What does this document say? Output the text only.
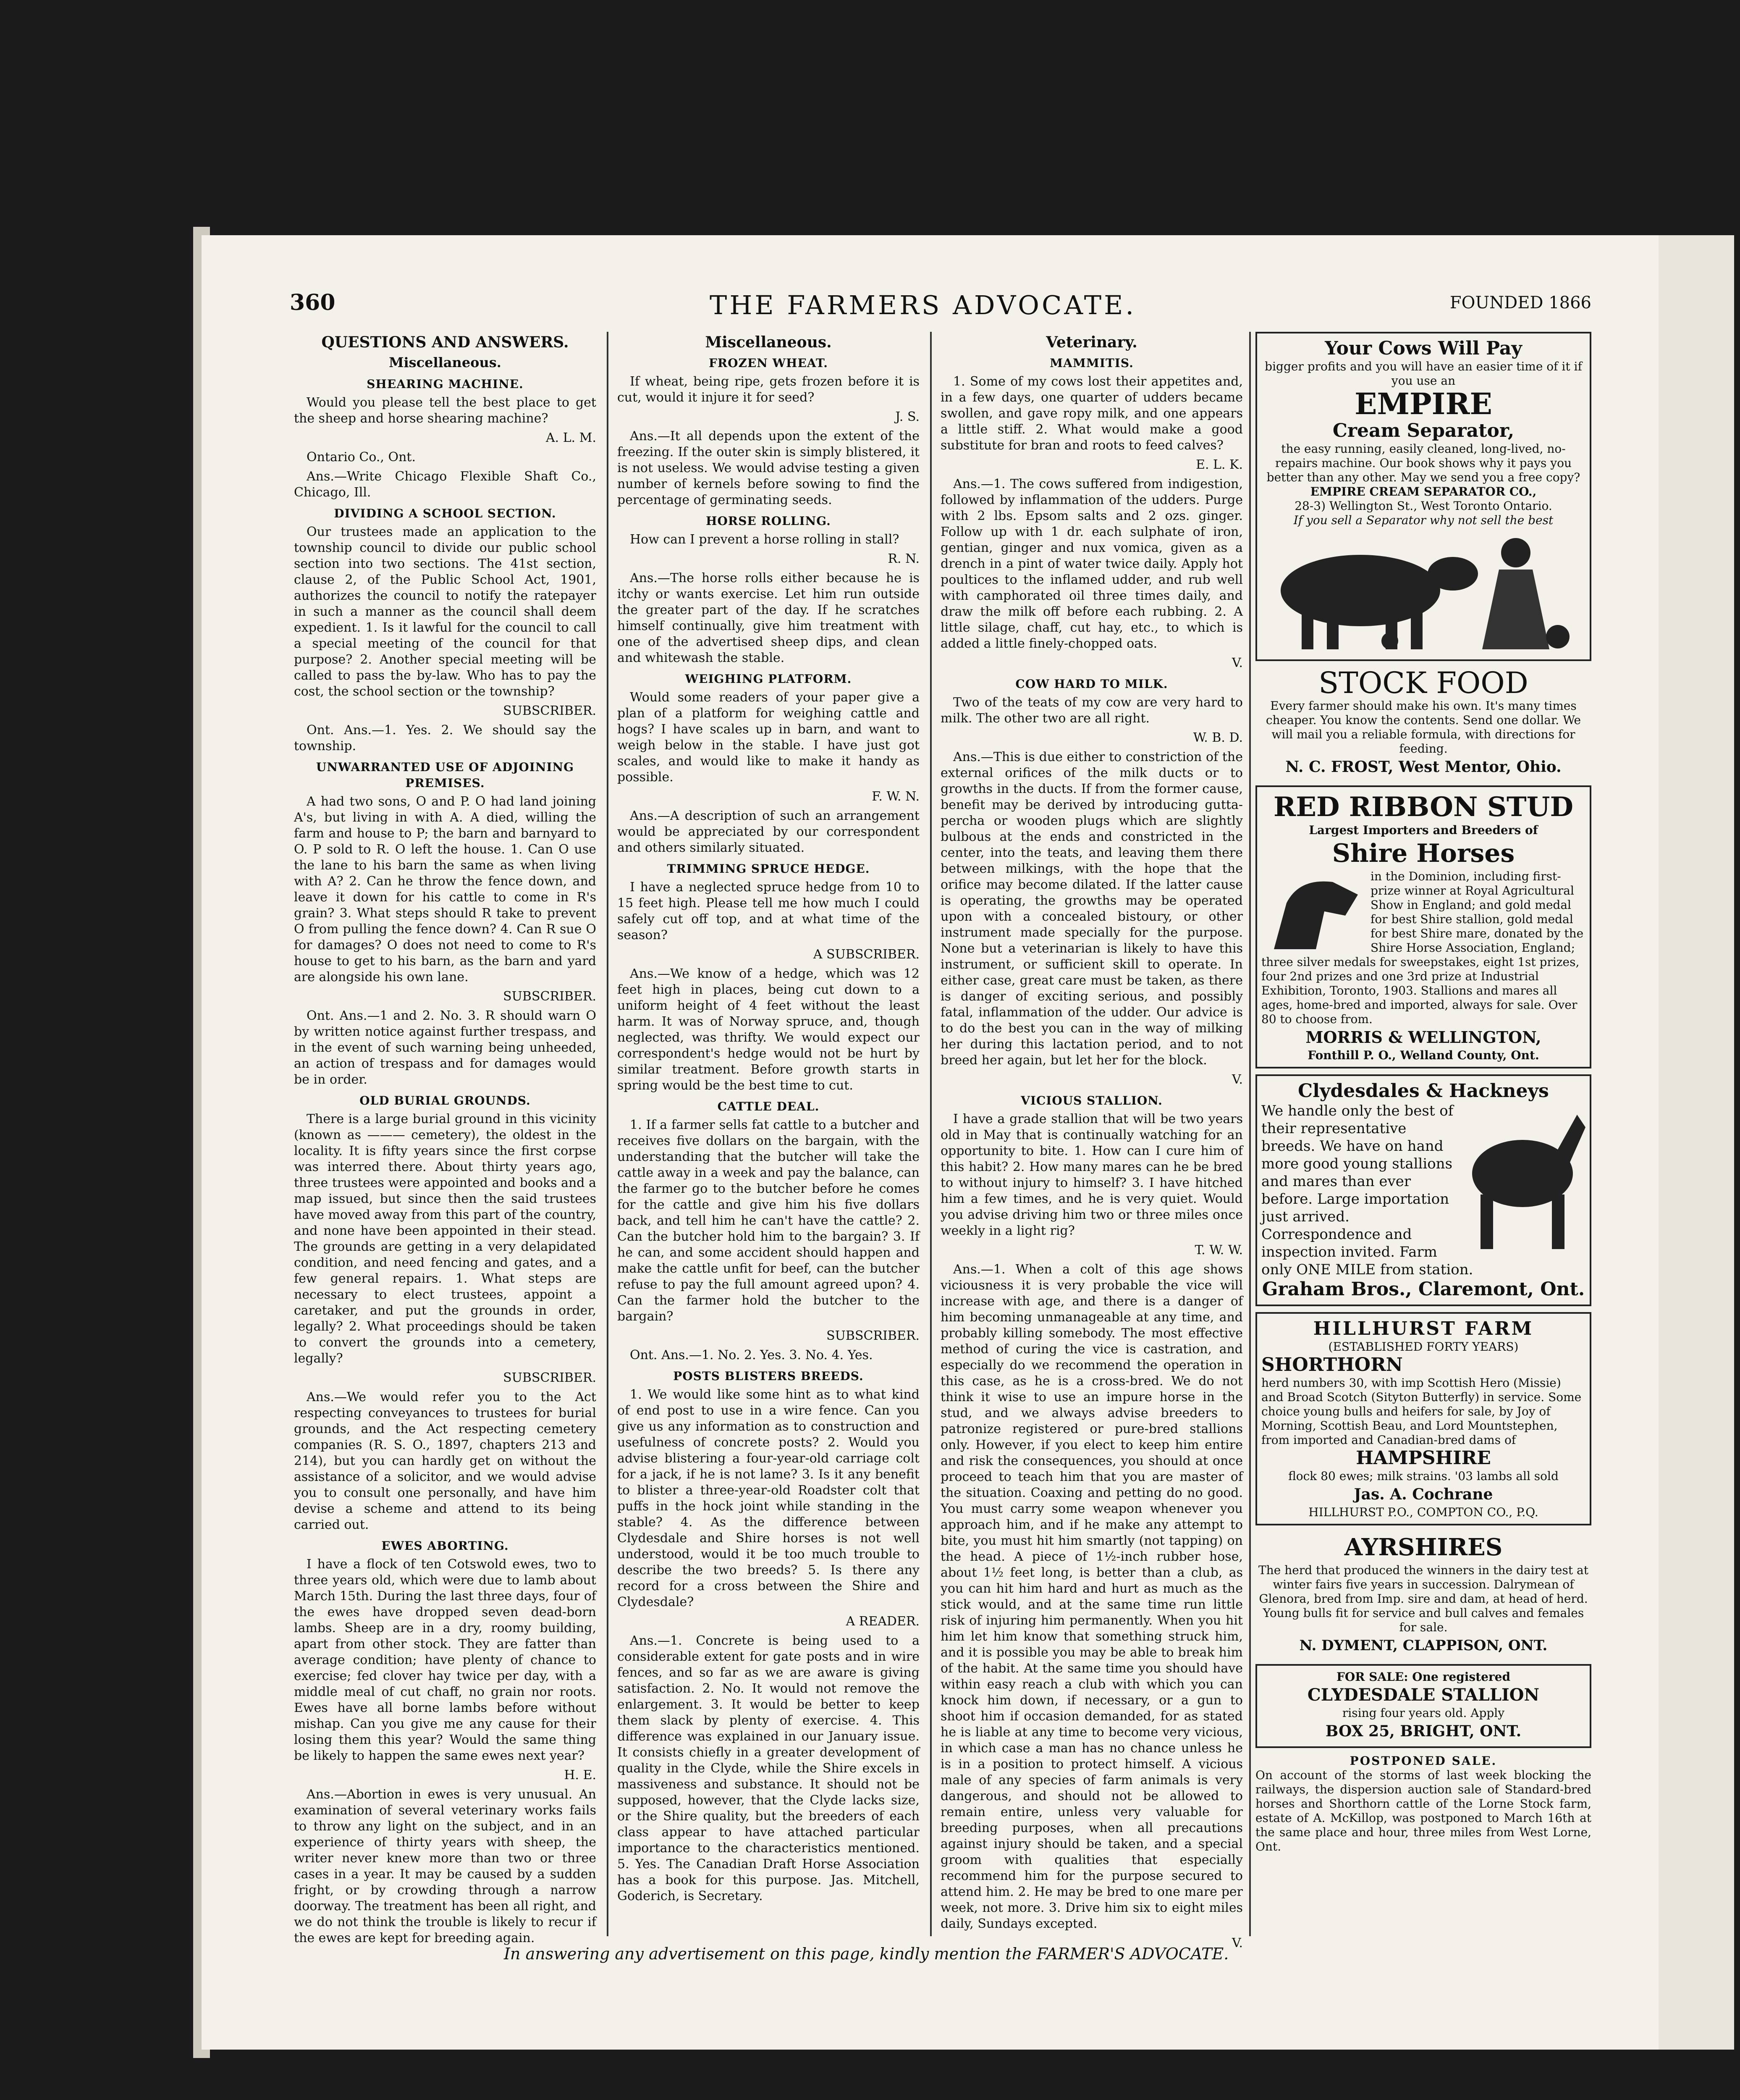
360	THE FARMERS ADVOCATE.	FOUNDED 1866
QUESTIONS AND ANSWERS.
Miscellaneous.
SHEARING MACHINE.

Would you please tell the best place to get the sheep and horse shearing machine?

A. L. M.

Ontario Co., Ont.

Ans.—Write Chicago Flexible Shaft Co., Chicago, Ill.

DIVIDING A SCHOOL SECTION.

Our trustees made an application to the township council to divide our public school section into two sections. The 41st section, clause 2, of the Public School Act, 1901, authorizes the council to notify the ratepayer in such a manner as the council shall deem expedient. 1. Is it lawful for the council to call a special meeting of the council for that purpose? 2. Another special meeting will be called to pass the by-law. Who has to pay the cost, the school section or the township?

SUBSCRIBER.

Ont. Ans.—1. Yes. 2. We should say the township.

UNWARRANTED USE OF ADJOINING PREMISES.

A had two sons, O and P. O had land joining A's, but living in with A. A died, willing the farm and house to P; the barn and barnyard to O. P sold to R. O left the house. 1. Can O use the lane to his barn the same as when living with A? 2. Can he throw the fence down, and leave it down for his cattle to come in R's grain? 3. What steps should R take to prevent O from pulling the fence down? 4. Can R sue O for damages? O does not need to come to R's house to get to his barn, as the barn and yard are alongside his own lane.

SUBSCRIBER.

Ont. Ans.—1 and 2. No. 3. R should warn O by written notice against further trespass, and in the event of such warning being unheeded, an action of trespass and for damages would be in order.

OLD BURIAL GROUNDS.

There is a large burial ground in this vicinity (known as ——— cemetery), the oldest in the locality. It is fifty years since the first corpse was interred there. About thirty years ago, three trustees were appointed and books and a map issued, but since then the said trustees have moved away from this part of the country, and none have been appointed in their stead. The grounds are getting in a very delapidated condition, and need fencing and gates, and a few general repairs. 1. What steps are necessary to elect trustees, appoint a caretaker, and put the grounds in order, legally? 2. What proceedings should be taken to convert the grounds into a cemetery, legally?

SUBSCRIBER.

Ans.—We would refer you to the Act respecting conveyances to trustees for burial grounds, and the Act respecting cemetery companies (R. S. O., 1897, chapters 213 and 214), but you can hardly get on without the assistance of a solicitor, and we would advise you to consult one personally, and have him devise a scheme and attend to its being carried out.

EWES ABORTING.

I have a flock of ten Cotswold ewes, two to three years old, which were due to lamb about March 15th. During the last three days, four of the ewes have dropped seven dead-born lambs. Sheep are in a dry, roomy building, apart from other stock. They are fatter than average condition; have plenty of chance to exercise; fed clover hay twice per day, with a middle meal of cut chaff, no grain nor roots. Ewes have all borne lambs before without mishap. Can you give me any cause for their losing them this year? Would the same thing be likely to happen the same ewes next year?

H. E.

Ans.—Abortion in ewes is very unusual. An examination of several veterinary works fails to throw any light on the subject, and in an experience of thirty years with sheep, the writer never knew more than two or three cases in a year. It may be caused by a sudden fright, or by crowding through a narrow doorway. The treatment has been all right, and we do not think the trouble is likely to recur if the ewes are kept for breeding again.

Miscellaneous.
FROZEN WHEAT.

If wheat, being ripe, gets frozen before it is cut, would it injure it for seed?

J. S.

Ans.—It all depends upon the extent of the freezing. If the outer skin is simply blistered, it is not useless. We would advise testing a given number of kernels before sowing to find the percentage of germinating seeds.

HORSE ROLLING.

How can I prevent a horse rolling in stall?

R. N.

Ans.—The horse rolls either because he is itchy or wants exercise. Let him run outside the greater part of the day. If he scratches himself continually, give him treatment with one of the advertised sheep dips, and clean and whitewash the stable.

WEIGHING PLATFORM.

Would some readers of your paper give a plan of a platform for weighing cattle and hogs? I have scales up in barn, and want to weigh below in the stable. I have just got scales, and would like to make it handy as possible.

F. W. N.

Ans.—A description of such an arrangement would be appreciated by our correspondent and others similarly situated.

TRIMMING SPRUCE HEDGE.

I have a neglected spruce hedge from 10 to 15 feet high. Please tell me how much I could safely cut off top, and at what time of the season?

A SUBSCRIBER.

Ans.—We know of a hedge, which was 12 feet high in places, being cut down to a uniform height of 4 feet without the least harm. It was of Norway spruce, and, though neglected, was thrifty. We would expect our correspondent's hedge would not be hurt by similar treatment. Before growth starts in spring would be the best time to cut.

CATTLE DEAL.

1. If a farmer sells fat cattle to a butcher and receives five dollars on the bargain, with the understanding that the butcher will take the cattle away in a week and pay the balance, can the farmer go to the butcher before he comes for the cattle and give him his five dollars back, and tell him he can't have the cattle? 2. Can the butcher hold him to the bargain? 3. If he can, and some accident should happen and make the cattle unfit for beef, can the butcher refuse to pay the full amount agreed upon? 4. Can the farmer hold the butcher to the bargain?

SUBSCRIBER.

Ont. Ans.—1. No. 2. Yes. 3. No. 4. Yes.

POSTS BLISTERS BREEDS.

1. We would like some hint as to what kind of end post to use in a wire fence. Can you give us any information as to construction and usefulness of concrete posts? 2. Would you advise blistering a four-year-old carriage colt for a jack, if he is not lame? 3. Is it any benefit to blister a three-year-old Roadster colt that puffs in the hock joint while standing in the stable? 4. As the difference between Clydesdale and Shire horses is not well understood, would it be too much trouble to describe the two breeds? 5. Is there any record for a cross between the Shire and Clydesdale?

A READER.

Ans.—1. Concrete is being used to a considerable extent for gate posts and in wire fences, and so far as we are aware is giving satisfaction. 2. No. It would not remove the enlargement. 3. It would be better to keep them slack by plenty of exercise. 4. This difference was explained in our January issue. It consists chiefly in a greater development of quality in the Clyde, while the Shire excels in massiveness and substance. It should not be supposed, however, that the Clyde lacks size, or the Shire quality, but the breeders of each class appear to have attached particular importance to the characteristics mentioned. 5. Yes. The Canadian Draft Horse Association has a book for this purpose. Jas. Mitchell, Goderich, is Secretary.

Veterinary.
MAMMITIS.

1. Some of my cows lost their appetites and, in a few days, one quarter of udders became swollen, and gave ropy milk, and one appears a little stiff. 2. What would make a good substitute for bran and roots to feed calves?

E. L. K.

Ans.—1. The cows suffered from indigestion, followed by inflammation of the udders. Purge with 2 lbs. Epsom salts and 2 ozs. ginger. Follow up with 1 dr. each sulphate of iron, gentian, ginger and nux vomica, given as a drench in a pint of water twice daily. Apply hot poultices to the inflamed udder, and rub well with camphorated oil three times daily, and draw the milk off before each rubbing. 2. A little silage, chaff, cut hay, etc., to which is added a little finely-chopped oats.

V.
COW HARD TO MILK.

Two of the teats of my cow are very hard to milk. The other two are all right.

W. B. D.

Ans.—This is due either to constriction of the external orifices of the milk ducts or to growths in the ducts. If from the former cause, benefit may be derived by introducing gutta-percha or wooden plugs which are slightly bulbous at the ends and constricted in the center, into the teats, and leaving them there between milkings, with the hope that the orifice may become dilated. If the latter cause is operating, the growths may be operated upon with a concealed bistoury, or other instrument made specially for the purpose. None but a veterinarian is likely to have this instrument, or sufficient skill to operate. In either case, great care must be taken, as there is danger of exciting serious, and possibly fatal, inflammation of the udder. Our advice is to do the best you can in the way of milking her during this lactation period, and to not breed her again, but let her for the block.

V.
VICIOUS STALLION.

I have a grade stallion that will be two years old in May that is continually watching for an opportunity to bite. 1. How can I cure him of this habit? 2. How many mares can he be bred to without injury to himself? 3. I have hitched him a few times, and he is very quiet. Would you advise driving him two or three miles once weekly in a light rig?

T. W. W.

Ans.—1. When a colt of this age shows viciousness it is very probable the vice will increase with age, and there is a danger of him becoming unmanageable at any time, and probably killing somebody. The most effective method of curing the vice is castration, and especially do we recommend the operation in this case, as he is a cross-bred. We do not think it wise to use an impure horse in the stud, and we always advise breeders to patronize registered or pure-bred stallions only. However, if you elect to keep him entire and risk the consequences, you should at once proceed to teach him that you are master of the situation. Coaxing and petting do no good. You must carry some weapon whenever you approach him, and if he make any attempt to bite, you must hit him smartly (not tapping) on the head. A piece of 1½-inch rubber hose, about 1½ feet long, is better than a club, as you can hit him hard and hurt as much as the stick would, and at the same time run little risk of injuring him permanently. When you hit him let him know that something struck him, and it is possible you may be able to break him of the habit. At the same time you should have within easy reach a club with which you can knock him down, if necessary, or a gun to shoot him if occasion demanded, for as stated he is liable at any time to become very vicious, in which case a man has no chance unless he is in a position to protect himself. A vicious male of any species of farm animals is very dangerous, and should not be allowed to remain entire, unless very valuable for breeding purposes, when all precautions against injury should be taken, and a special groom with qualities that especially recommend him for the purpose secured to attend him. 2. He may be bred to one mare per week, not more. 3. Drive him six to eight miles daily, Sundays excepted.

V.
Your Cows Will Pay
bigger profits and you will have an easier time of it if you use an
EMPIRE
Cream Separator,
the easy running, easily cleaned, long-lived, no-repairs machine. Our book shows why it pays you better than any other. May we send you a free copy?
EMPIRE CREAM SEPARATOR CO.,
28-3) Wellington St., West Toronto Ontario.
If you sell a Separator why not sell the best
STOCK FOOD
Every farmer should make his own. It's many times cheaper. You know the contents. Send one dollar. We will mail you a reliable formula, with directions for feeding.
N. C. FROST, West Mentor, Ohio.
RED RIBBON STUD
Largest Importers and Breeders of
Shire Horses
in the Dominion, including first-prize winner at Royal Agricultural Show in England; and gold medal for best Shire stallion, gold medal for best Shire mare, donated by the Shire Horse Association, England; three silver medals for sweepstakes, eight 1st prizes, four 2nd prizes and one 3rd prize at Industrial Exhibition, Toronto, 1903. Stallions and mares all ages, home-bred and imported, always for sale. Over 80 to choose from.
MORRIS & WELLINGTON,
Fonthill P. O., Welland County, Ont.
Clydesdales & Hackneys
We handle only the best of their representative breeds. We have on hand more good young stallions and mares than ever before. Large importation just arrived. Correspondence and inspection invited. Farm only ONE MILE from station.
Graham Bros., Claremont, Ont.
HILLHURST FARM
(ESTABLISHED FORTY YEARS)
SHORTHORN
herd numbers 30, with imp Scottish Hero (Missie) and Broad Scotch (Sityton Butterfly) in service. Some choice young bulls and heifers for sale, by Joy of Morning, Scottish Beau, and Lord Mountstephen, from imported and Canadian-bred dams of
HAMPSHIRE
flock 80 ewes; milk strains. '03 lambs all sold
Jas. A. Cochrane
HILLHURST P.O., COMPTON CO., P.Q.
AYRSHIRES
The herd that produced the winners in the dairy test at winter fairs five years in succession. Dalrymean of Glenora, bred from Imp. sire and dam, at head of herd. Young bulls fit for service and bull calves and females for sale.
N. DYMENT, CLAPPISON, ONT.
FOR SALE: One registered
CLYDESDALE STALLION
rising four years old. Apply
BOX 25, BRIGHT, ONT.
POSTPONED SALE.
On account of the storms of last week blocking the railways, the dispersion auction sale of Standard-bred horses and Shorthorn cattle of the Lorne Stock farm, estate of A. McKillop, was postponed to March 16th at the same place and hour, three miles from West Lorne, Ont.
In answering any advertisement on this page, kindly mention the FARMER'S ADVOCATE.
